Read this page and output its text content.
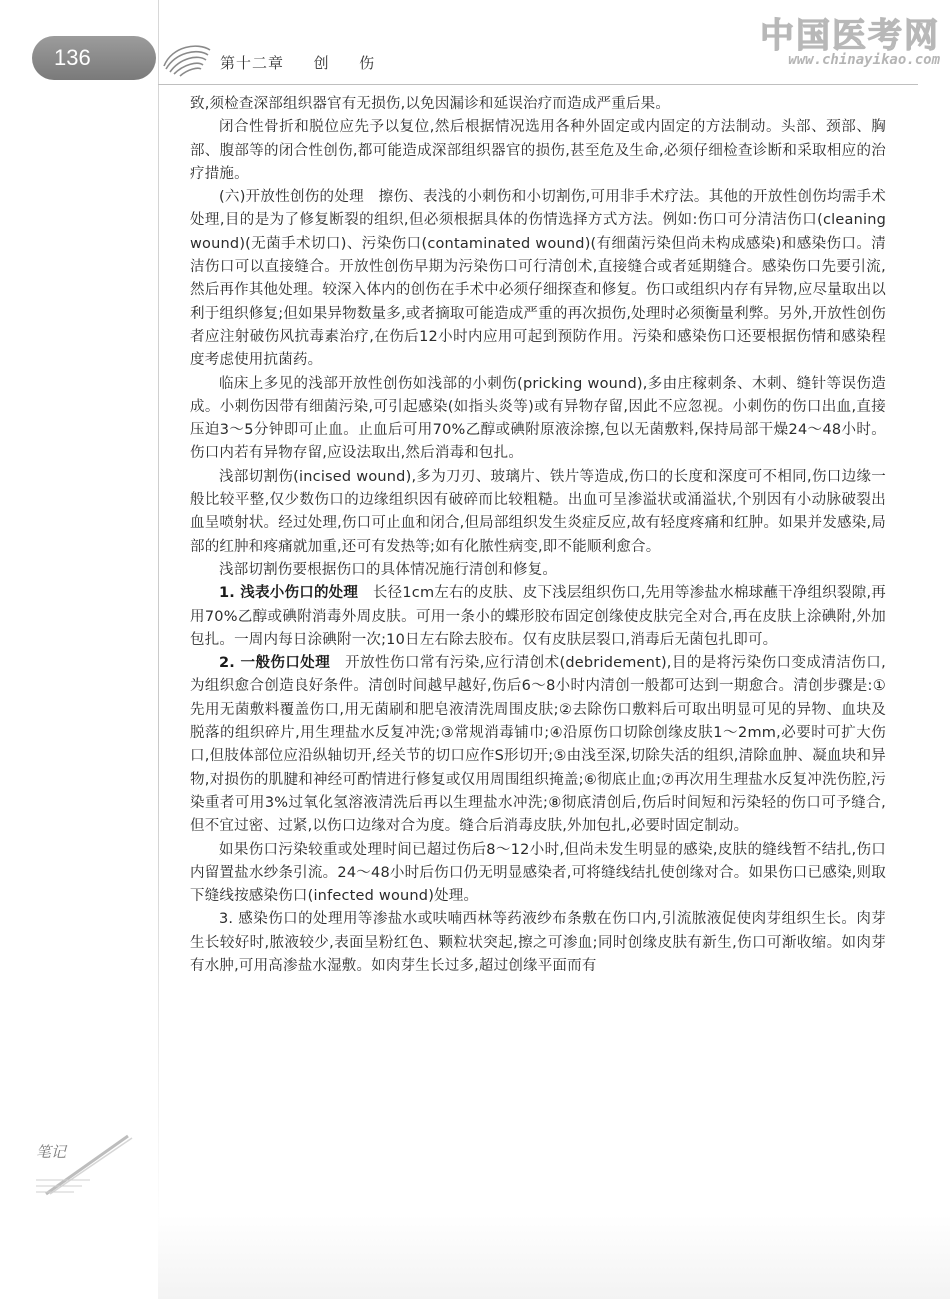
136	第十二章 创 伤
中国医考网
www.chinayikao.com

致,须检查深部组织器官有无损伤,以免因漏诊和延误治疗而造成严重后果。

闭合性骨折和脱位应先予以复位,然后根据情况选用各种外固定或内固定的方法制动。头部、颈部、胸部、腹部等的闭合性创伤,都可能造成深部组织器官的损伤,甚至危及生命,必须仔细检查诊断和采取相应的治疗措施。

(六)开放性创伤的处理　擦伤、表浅的小刺伤和小切割伤,可用非手术疗法。其他的开放性创伤均需手术处理,目的是为了修复断裂的组织,但必须根据具体的伤情选择方式方法。例如:伤口可分清洁伤口(cleaning wound)(无菌手术切口)、污染伤口(contaminated wound)(有细菌污染但尚未构成感染)和感染伤口。清洁伤口可以直接缝合。开放性创伤早期为污染伤口可行清创术,直接缝合或者延期缝合。感染伤口先要引流,然后再作其他处理。较深入体内的创伤在手术中必须仔细探查和修复。伤口或组织内存有异物,应尽量取出以利于组织修复;但如果异物数量多,或者摘取可能造成严重的再次损伤,处理时必须衡量利弊。另外,开放性创伤者应注射破伤风抗毒素治疗,在伤后12小时内应用可起到预防作用。污染和感染伤口还要根据伤情和感染程度考虑使用抗菌药。

临床上多见的浅部开放性创伤如浅部的小刺伤(pricking wound),多由庄稼刺条、木刺、缝针等误伤造成。小刺伤因带有细菌污染,可引起感染(如指头炎等)或有异物存留,因此不应忽视。小刺伤的伤口出血,直接压迫3～5分钟即可止血。止血后可用70%乙醇或碘附原液涂擦,包以无菌敷料,保持局部干燥24～48小时。伤口内若有异物存留,应设法取出,然后消毒和包扎。

浅部切割伤(incised wound),多为刀刃、玻璃片、铁片等造成,伤口的长度和深度可不相同,伤口边缘一般比较平整,仅少数伤口的边缘组织因有破碎而比较粗糙。出血可呈渗溢状或涌溢状,个别因有小动脉破裂出血呈喷射状。经过处理,伤口可止血和闭合,但局部组织发生炎症反应,故有轻度疼痛和红肿。如果并发感染,局部的红肿和疼痛就加重,还可有发热等;如有化脓性病变,即不能顺利愈合。

浅部切割伤要根据伤口的具体情况施行清创和修复。

1. 浅表小伤口的处理　 长径1cm左右的皮肤、皮下浅层组织伤口,先用等渗盐水棉球蘸干净组织裂隙,再用70%乙醇或碘附消毒外周皮肤。可用一条小的蝶形胶布固定创缘使皮肤完全对合,再在皮肤上涂碘附,外加包扎。一周内每日涂碘附一次;10日左右除去胶布。仅有皮肤层裂口,消毒后无菌包扎即可。

2. 一般伤口处理　 开放性伤口常有污染,应行清创术(debridement),目的是将污染伤口变成清洁伤口,为组织愈合创造良好条件。清创时间越早越好,伤后6～8小时内清创一般都可达到一期愈合。清创步骤是:①先用无菌敷料覆盖伤口,用无菌刷和肥皂液清洗周围皮肤;②去除伤口敷料后可取出明显可见的异物、血块及脱落的组织碎片,用生理盐水反复冲洗;③常规消毒铺巾;④沿原伤口切除创缘皮肤1～2mm,必要时可扩大伤口,但肢体部位应沿纵轴切开,经关节的切口应作S形切开;⑤由浅至深,切除失活的组织,清除血肿、凝血块和异物,对损伤的肌腱和神经可酌情进行修复或仅用周围组织掩盖;⑥彻底止血;⑦再次用生理盐水反复冲洗伤腔,污染重者可用3%过氧化氢溶液清洗后再以生理盐水冲洗;⑧彻底清创后,伤后时间短和污染轻的伤口可予缝合,但不宜过密、过紧,以伤口边缘对合为度。缝合后消毒皮肤,外加包扎,必要时固定制动。

如果伤口污染较重或处理时间已超过伤后8～12小时,但尚未发生明显的感染,皮肤的缝线暂不结扎,伤口内留置盐水纱条引流。24～48小时后伤口仍无明显感染者,可将缝线结扎使创缘对合。如果伤口已感染,则取下缝线按感染伤口(infected wound)处理。

3. 感染伤口的处理用等渗盐水或呋喃西林等药液纱布条敷在伤口内,引流脓液促使肉芽组织生长。肉芽生长较好时,脓液较少,表面呈粉红色、颗粒状突起,擦之可渗血;同时创缘皮肤有新生,伤口可渐收缩。如肉芽有水肿,可用高渗盐水湿敷。如肉芽生长过多,超过创缘平面而有

笔记
